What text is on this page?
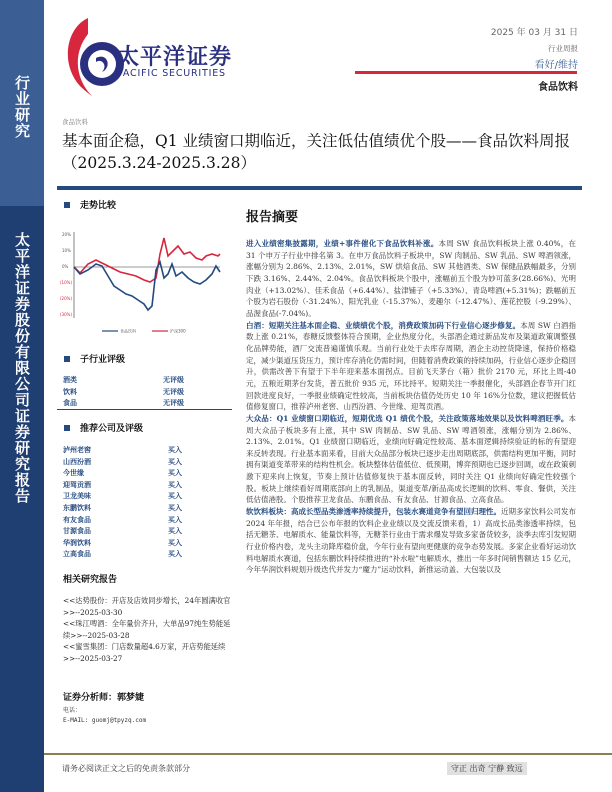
行业研究
太平洋证券股份有限公司证券研究报告
太平洋证券
PACIFIC SECURITIES
2025 年 03 月 31 日
行业周报
看好/维持
食品饮料
食品饮料
基本面企稳，Q1 业绩窗口期临近，关注低估值绩优个股——食品饮料周报（2025.3.24-2025.3.28）
走势比较
20%
10%
0%
(10%)
(20%)
(30%)
食品饮料	沪深300
子行业评级
酒类	无评级
饮料	无评级
食品	无评级
推荐公司及评级
泸州老窖	买入
山西汾酒	买入
今世缘	买入
迎驾贡酒	买入
卫龙美味	买入
东鹏饮料	买入
有友食品	买入
甘源食品	买入
华润饮料	买入
立高食品	买入
相关研究报告
<<达势股份：开店及店效同步增长，24年圆满收官>>--2025-03-30
<<珠江啤酒：全年量价齐升，大单品97纯生势能延续>>--2025-03-28
<<蜜雪集团：门店数量超4.6万家，开店势能延续>>--2025-03-27
证券分析师：郭梦婕
电话：
E-MAIL: guomj@tpyzq.com
报告摘要

进入业绩密集披露期，业绩+事件催化下食品饮料补涨。本周 SW 食品饮料板块上涨 0.40%，在 31 个申万子行业中排名第 3。在申万食品饮料子板块中，SW 肉制品、SW 乳品、SW 啤酒领涨，涨幅分别为 2.86%、2.13%、2.01%，SW 烘焙食品、SW 其他酒类、SW 保健品跌幅最多，分别下跌 3.16%、2.44%、2.04%。食品饮料板块个股中，涨幅前五个股为妙可蓝多(28.66%)、光明肉业（+13.02%）、佳禾食品（+6.44%）、盐津铺子（+5.33%）、青岛啤酒(+5.31%)；跌幅前五个股为岩石股份（-31.24%）、阳光乳业（-15.37%）、麦趣尔（-12.47%）、莲花控股（-9.29%）、品渥食品(-7.04%)。

白酒：短期关注基本面企稳、业绩绩优个股，消费政策加码下行业信心逐步修复。本周 SW 白酒指数上涨 0.21%，春糖反馈整体符合预期，企业热度分化，头部酒企通过新品发布及渠道政策调整强化品牌势能，酒厂交流普遍谨慎乐观。当前行业处于去库存周期，酒企主动控货降速，保持价格稳定，减少渠道压货压力，预计库存消化仍需时间，但随着消费政策的持续加码，行业信心逐步企稳回升，供需改善下有望于下半年迎来基本面拐点。目前飞天茅台（箱）批价 2170 元，环比上周-40 元，五粮近期茅台发货，普五批价 935 元，环比持平。短期关注一季报催化，头部酒企春节开门红回款进度良好，一季报业绩确定性较高，当前板块估值仍处历史 10 年 16%分位数，建议把握低估值修复窗口，推荐泸州老窖、山西汾酒、今世缘、迎驾贡酒。

大众品：Q1 业绩窗口期临近，短期优选 Q1 绩优个股，关注政策落地效果以及饮料啤酒旺季。本周大众品子板块多有上涨，其中 SW 肉制品、SW 乳品、SW 啤酒领涨，涨幅分别为 2.86%、2.13%、2.01%。Q1 业绩窗口期临近，业绩向好确定性较高、基本面逻辑持续验证的标的有望迎来反转表现。行业基本面来看，目前大众品部分板块已逐步走出周期底部，供需结构更加平衡，同时拥有渠道变革带来的结构性机会。板块整体估值低位、低预期，博弈预期也已逐步回调，或在政策刺激下迎来向上恢复，节奏上预计估值修复快于基本面反转，同时关注 Q1 业绩向好确定性较强个股。板块上继续看好周期底部向上的乳制品，渠道变革/新品高成长逻辑的饮料、零食、餐供，关注低估值港股。个股推荐卫龙食品、东鹏食品、有友食品、甘源食品、立高食品。

软饮料板块：高成长型品类渗透率持续提升，包装水赛道竞争有望回归理性。近期多家饮料公司发布 2024 年年报，结合已公布年报的饮料企业业绩以及交流反馈来看，1）高成长品类渗透率持续，包括无糖茶、电解质水、能量饮料等，无糖茶行业由于需求爆发导致多家备货较多，淡季去库引发短期行业价格内卷，龙头主动降库稳价盘，今年行业有望向更健康的竞争态势发展。多家企业看好运动饮料电解质水赛道，包括东鹏饮料持续推进的“补水啦”电解质水，推出一年多时间销售额达 15 亿元，今年华润饮料规划升级迭代并发力“魔力”运动饮料，新推运动盖、大包装以及

请务必阅读正文之后的免责条款部分	守正 出奇 宁静 致远
